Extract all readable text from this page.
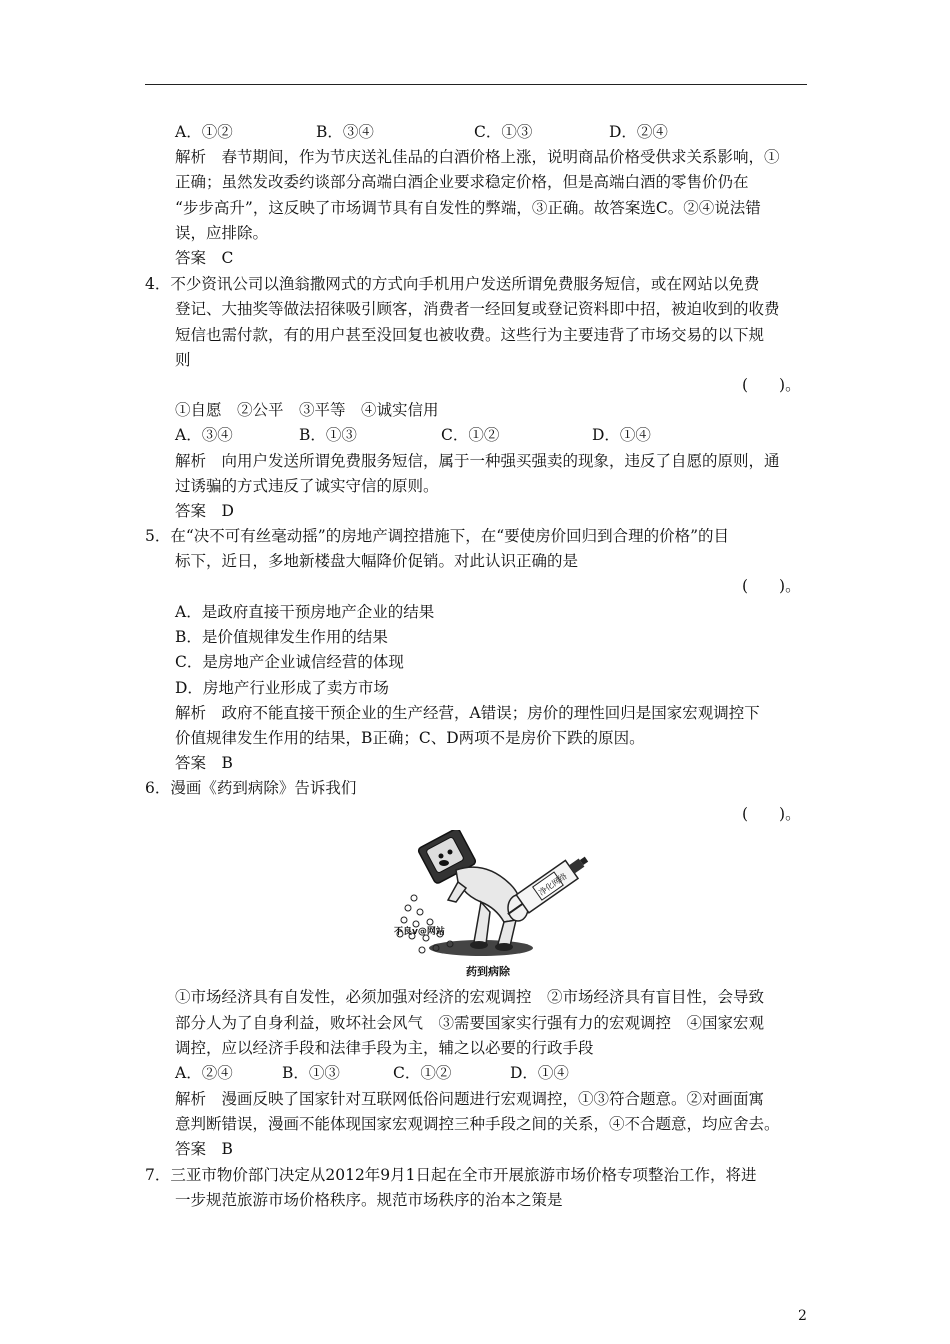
A．①②	B．③④	C．①③	D．②④
解析　春节期间，作为节庆送礼佳品的白酒价格上涨，说明商品价格受供求关系影响，①
正确；虽然发改委约谈部分高端白酒企业要求稳定价格，但是高端白酒的零售价仍在
“步步高升”，这反映了市场调节具有自发性的弊端，③正确。故答案选C。②④说法错
误，应排除。
答案　C
4．不少资讯公司以渔翁撒网式的方式向手机用户发送所谓免费服务短信，或在网站以免费
登记、大抽奖等做法招徕吸引顾客，消费者一经回复或登记资料即中招，被迫收到的收费
短信也需付款，有的用户甚至没回复也被收费。这些行为主要违背了市场交易的以下规
则
(　　)。
①自愿　②公平　③平等　④诚实信用
A．③④	B．①③	C．①②	D．①④
解析　向用户发送所谓免费服务短信，属于一种强买强卖的现象，违反了自愿的原则，通
过诱骗的方式违反了诚实守信的原则。
答案　D
5．在“决不可有丝毫动摇”的房地产调控措施下，在“要使房价回归到合理的价格”的目
标下，近日，多地新楼盘大幅降价促销。对此认识正确的是
(　　)。
A．是政府直接干预房地产企业的结果
B．是价值规律发生作用的结果
C．是房地产企业诚信经营的体现
D．房地产行业形成了卖方市场
解析　政府不能直接干预企业的生产经营，A错误；房价的理性回归是国家宏观调控下
价值规律发生作用的结果，B正确；C、D两项不是房价下跌的原因。
答案　B
6．漫画《药到病除》告诉我们
(　　)。
净化网络
不良v@网站
药到病除
①市场经济具有自发性，必须加强对经济的宏观调控　②市场经济具有盲目性，会导致
部分人为了自身利益，败坏社会风气　③需要国家实行强有力的宏观调控　④国家宏观
调控，应以经济手段和法律手段为主，辅之以必要的行政手段
A．②④	B．①③	C．①②	D．①④
解析　漫画反映了国家针对互联网低俗问题进行宏观调控，①③符合题意。②对画面寓
意判断错误，漫画不能体现国家宏观调控三种手段之间的关系，④不合题意，均应舍去。
答案　B
7．三亚市物价部门决定从2012年9月1日起在全市开展旅游市场价格专项整治工作，将进
一步规范旅游市场价格秩序。规范市场秩序的治本之策是
2
